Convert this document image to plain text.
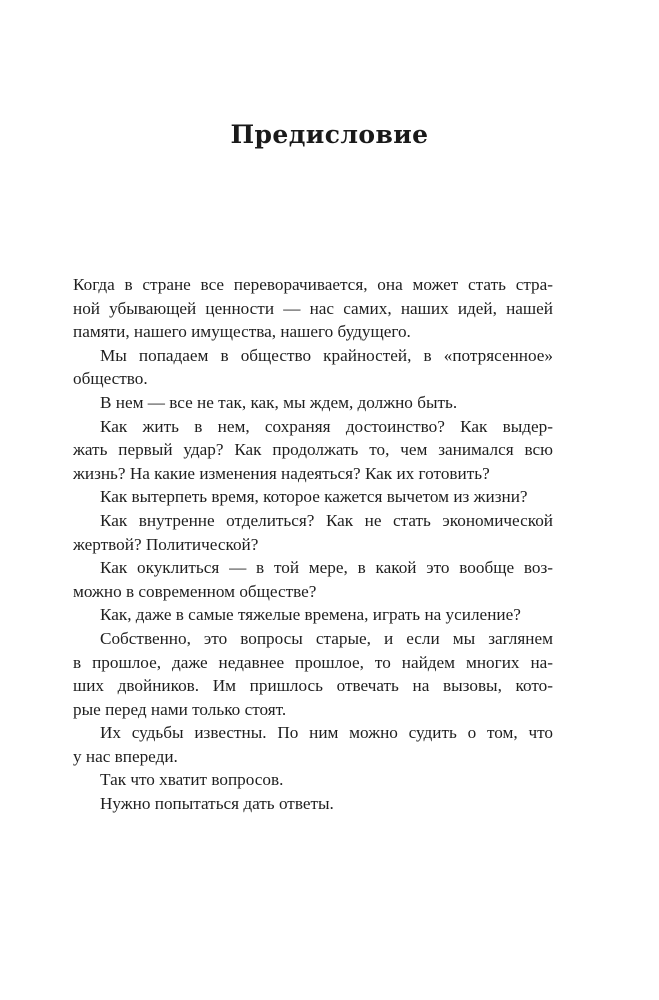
Предисловие
Когда в стране все переворачивается, она может стать стра-
ной убывающей ценности — нас самих, наших идей, нашей
памяти, нашего имущества, нашего будущего.
Мы попадаем в общество крайностей, в «потрясенное»
общество.
В нем — все не так, как, мы ждем, должно быть.
Как жить в нем, сохраняя достоинство? Как выдер-
жать первый удар? Как продолжать то, чем занимался всю
жизнь? На какие изменения надеяться? Как их готовить?
Как вытерпеть время, которое кажется вычетом из жизни?
Как внутренне отделиться? Как не стать экономической
жертвой? Политической?
Как окуклиться — в той мере, в какой это вообще воз-
можно в современном обществе?
Как, даже в самые тяжелые времена, играть на усиление?
Собственно, это вопросы старые, и если мы заглянем
в прошлое, даже недавнее прошлое, то найдем многих на-
ших двойников. Им пришлось отвечать на вызовы, кото-
рые перед нами только стоят.
Их судьбы известны. По ним можно судить о том, что
у нас впереди.
Так что хватит вопросов.
Нужно попытаться дать ответы.
